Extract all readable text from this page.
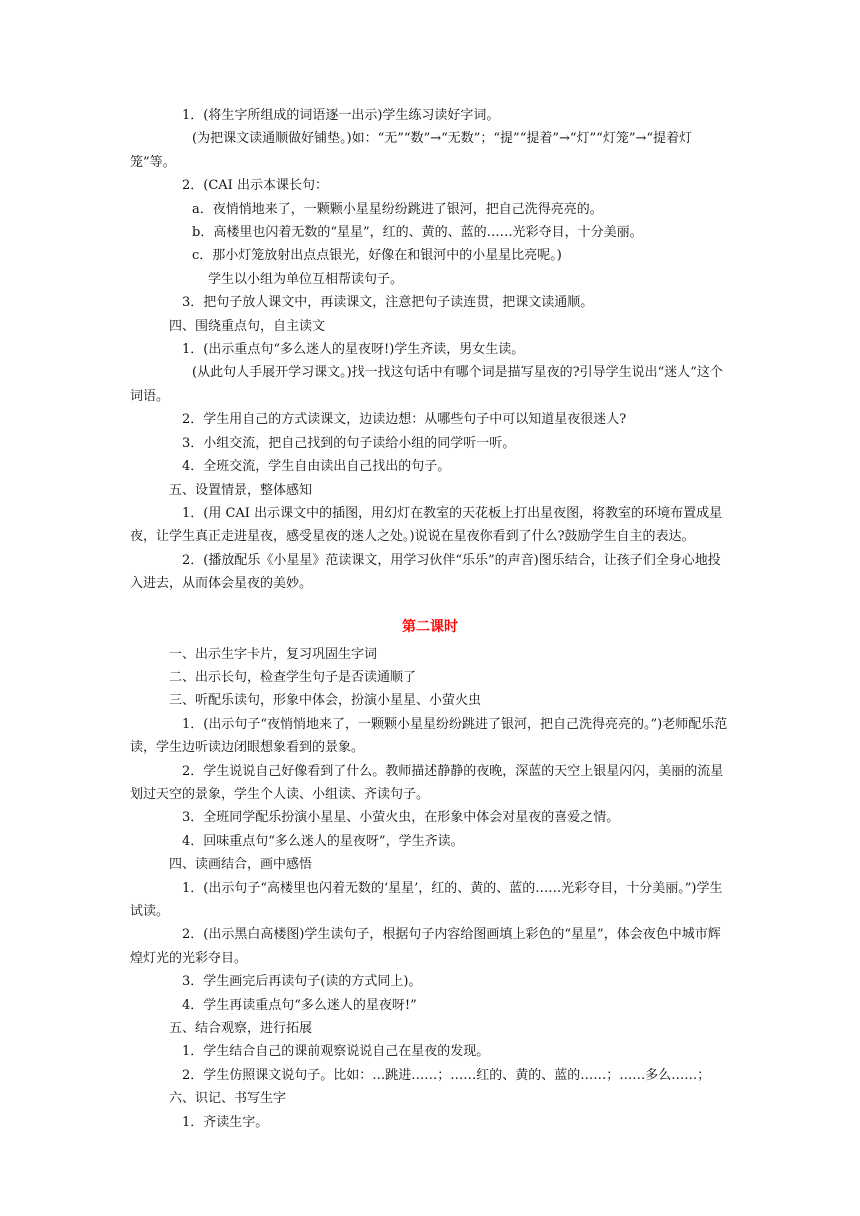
1．(将生字所组成的词语逐一出示)学生练习读好字词。

(为把课文读通顺做好铺垫。)如：“无”“数”→“无数”；“提”“提着”→“灯”“灯笼”→“提着灯笼”等。

2．(CAI 出示本课长句：

a．夜悄悄地来了，一颗颗小星星纷纷跳进了银河，把自己洗得亮亮的。

b．高楼里也闪着无数的“星星”，红的、黄的、蓝的……光彩夺目，十分美丽。

c．那小灯笼放射出点点银光，好像在和银河中的小星星比亮呢。)

学生以小组为单位互相帮读句子。

3．把句子放人课文中，再读课文，注意把句子读连贯，把课文读通顺。

四、围绕重点句，自主读文

1．(出示重点句“多么迷人的星夜呀!)学生齐读，男女生读。

(从此句人手展开学习课文。)找一找这句话中有哪个词是描写星夜的?引导学生说出“迷人”这个词语。

2．学生用自己的方式读课文，边读边想：从哪些句子中可以知道星夜很迷人?

3．小组交流，把自己找到的句子读给小组的同学听一听。

4．全班交流，学生自由读出自己找出的句子。

五、设置情景，整体感知

1．(用 CAI 出示课文中的插图，用幻灯在教室的天花板上打出星夜图，将教室的环境布置成星夜，让学生真正走进星夜，感受星夜的迷人之处。)说说在星夜你看到了什么?鼓励学生自主的表达。

2．(播放配乐《小星星》范读课文，用学习伙伴“乐乐”的声音)图乐结合，让孩子们全身心地投入进去，从而体会星夜的美妙。

第二课时

一、出示生字卡片，复习巩固生字词

二、出示长句，检查学生句子是否读通顺了

三、听配乐读句，形象中体会，扮演小星星、小萤火虫

1．(出示句子“夜悄悄地来了，一颗颗小星星纷纷跳进了银河，把自己洗得亮亮的。”)老师配乐范读，学生边听读边闭眼想象看到的景象。

2．学生说说自己好像看到了什么。教师描述静静的夜晚，深蓝的天空上银星闪闪，美丽的流星划过天空的景象，学生个人读、小组读、齐读句子。

3．全班同学配乐扮演小星星、小萤火虫，在形象中体会对星夜的喜爱之情。

4．回味重点句“多么迷人的星夜呀”，学生齐读。

四、读画结合，画中感悟

1．(出示句子“高楼里也闪着无数的‘星星’，红的、黄的、蓝的……光彩夺目，十分美丽。”)学生试读。

2．(出示黑白高楼图)学生读句子，根据句子内容给图画填上彩色的“星星”，体会夜色中城市辉煌灯光的光彩夺目。

3．学生画完后再读句子(读的方式同上)。

4．学生再读重点句“多么迷人的星夜呀!”

五、结合观察，进行拓展

1．学生结合自己的课前观察说说自己在星夜的发现。

2．学生仿照课文说句子。比如：…跳进……；……红的、黄的、蓝的……；……多么……；

六、识记、书写生字

1．齐读生字。
